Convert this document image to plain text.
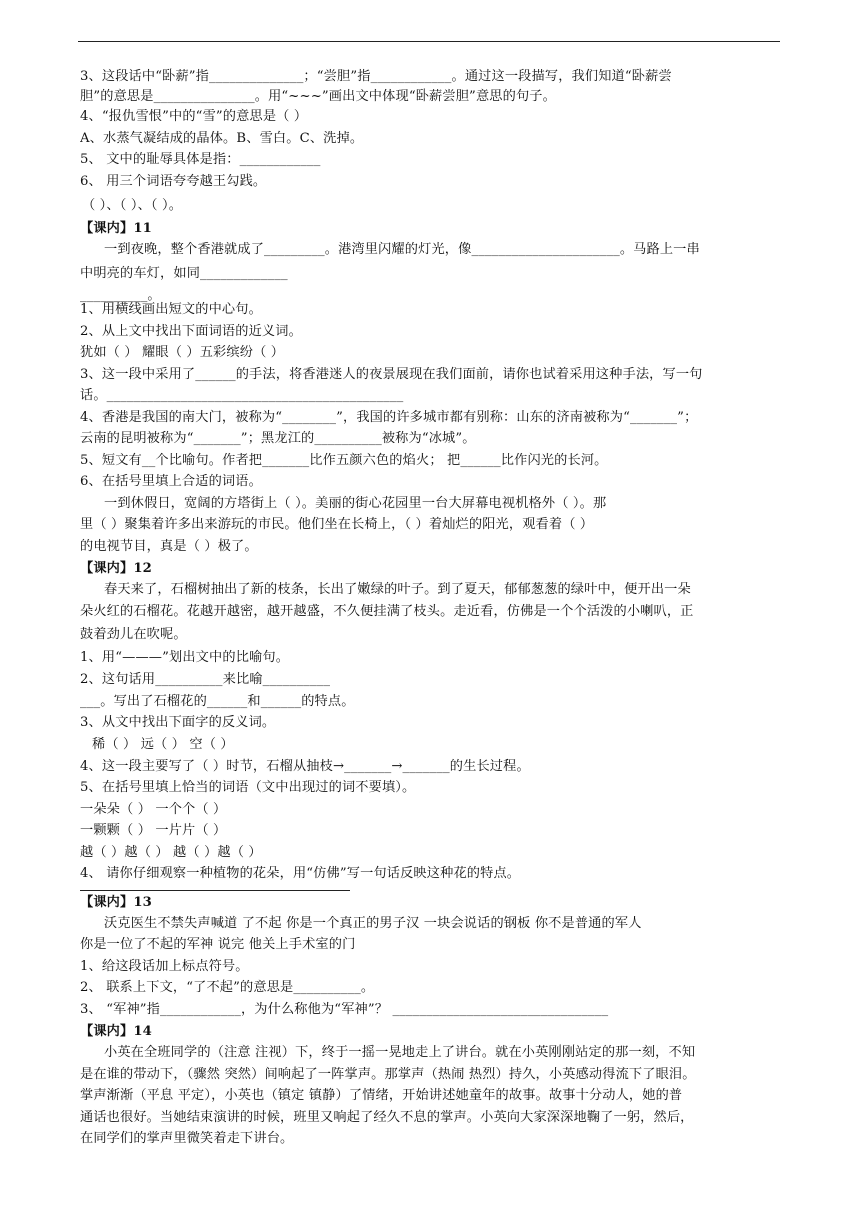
3、这段话中“卧薪”指______________；“尝胆”指____________。通过这一段描写，我们知道“卧薪尝
胆”的意思是_______________。用“~~~”画出文中体现“卧薪尝胆”意思的句子。
4、“报仇雪恨”中的“雪”的意思是（ ）
A、水蒸气凝结成的晶体。B、雪白。C、洗掉。
5、 文中的耻辱具体是指：____________
6、 用三个词语夸夸越王勾践。
（ ）、（ ）、（ ）。
【课内】11
一到夜晚，整个香港就成了_________。港湾里闪耀的灯光，像______________________。马路上一串
中明亮的车灯，如同_____________
__________。
1、用横线画出短文的中心句。
2、从上文中找出下面词语的近义词。
犹如（ ） 耀眼（ ）五彩缤纷（ ）
3、这一段中采用了______的手法，将香港迷人的夜景展现在我们面前，请你也试着采用这种手法，写一句
话。____________________________________________
4、香港是我国的南大门，被称为“________”，我国的许多城市都有别称：山东的济南被称为“_______”；
云南的昆明被称为“_______”；黑龙江的__________被称为“冰城”。
5、短文有__个比喻句。作者把_______比作五颜六色的焰火； 把______比作闪光的长河。
6、在括号里填上合适的词语。
一到休假日，宽阔的方塔街上（ ）。美丽的街心花园里一台大屏幕电视机格外（ ）。那
里（ ）聚集着许多出来游玩的市民。他们坐在长椅上，（ ）着灿烂的阳光，观看着（ ）
的电视节目，真是（ ）极了。
【课内】12
春天来了，石榴树抽出了新的枝条，长出了嫩绿的叶子。到了夏天，郁郁葱葱的绿叶中，便开出一朵
朵火红的石榴花。花越开越密，越开越盛，不久便挂满了枝头。走近看，仿佛是一个个活泼的小喇叭，正
鼓着劲儿在吹呢。
1、用“———”划出文中的比喻句。
2、这句话用__________来比喻__________
___。写出了石榴花的______和______的特点。
3、从文中找出下面字的反义词。
稀（ ） 远（ ） 空（ ）
4、这一段主要写了（ ）时节，石榴从抽枝→_______→_______的生长过程。
5、在括号里填上恰当的词语（文中出现过的词不要填）。
一朵朵（ ） 一个个（ ）
一颗颗（ ） 一片片（ ）
越（ ）越（ ） 越（ ）越（ ）
4、 请你仔细观察一种植物的花朵，用“仿佛”写一句话反映这种花的特点。
【课内】13
沃克医生不禁失声喊道 了不起 你是一个真正的男子汉 一块会说话的钢板 你不是普通的军人
你是一位了不起的军神 说完 他关上手术室的门
1、给这段话加上标点符号。
2、 联系上下文，“了不起”的意思是__________。
3、 “军神”指____________，为什么称他为“军神”？ ________________________________
【课内】14
小英在全班同学的（注意 注视）下，终于一摇一晃地走上了讲台。就在小英刚刚站定的那一刻，不知
是在谁的带动下，（骤然 突然）间响起了一阵掌声。那掌声（热闹 热烈）持久，小英感动得流下了眼泪。
掌声渐渐（平息 平定），小英也（镇定 镇静）了情绪，开始讲述她童年的故事。故事十分动人，她的普
通话也很好。当她结束演讲的时候，班里又响起了经久不息的掌声。小英向大家深深地鞠了一躬，然后，
在同学们的掌声里微笑着走下讲台。
